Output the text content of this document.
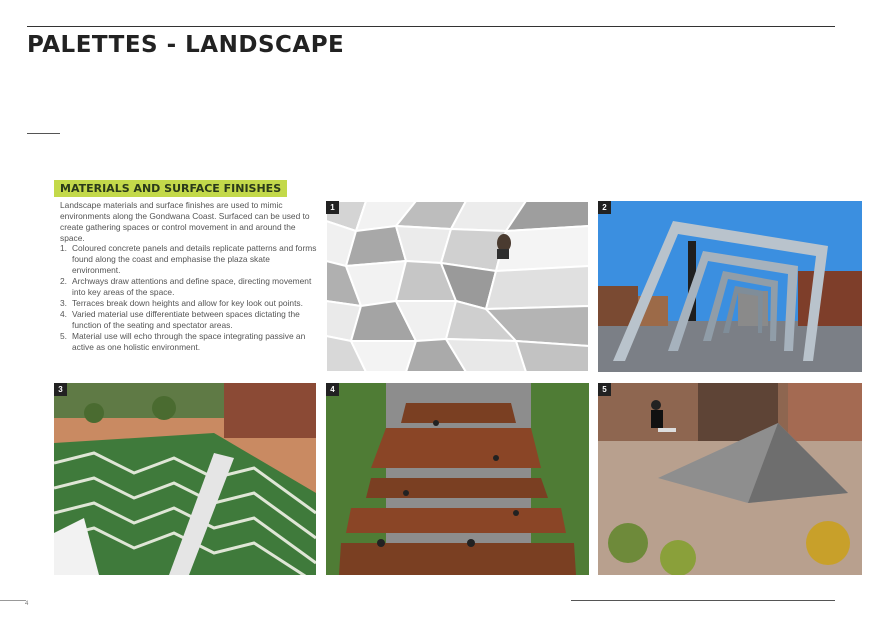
PALETTES - LANDSCAPE
MATERIALS AND SURFACE FINISHES

Landscape materials and surface finishes are used to mimic environments along the Gondwana Coast. Surfaced can be used to create gathering spaces or control movement in and around the space.

1. Coloured concrete panels and details replicate patterns and forms found along the coast and emphasise the plaza skate environment.
2. Archways draw attentions and define space, directing movement into key areas of the space.
3. Terraces break down heights and allow for key look out points.
4. Varied material use differentiate between spaces dictating the function of the seating and spectator areas.
5. Material use will echo through the space integrating passive an active as one holistic environment.
1	2
3	4	5
4
